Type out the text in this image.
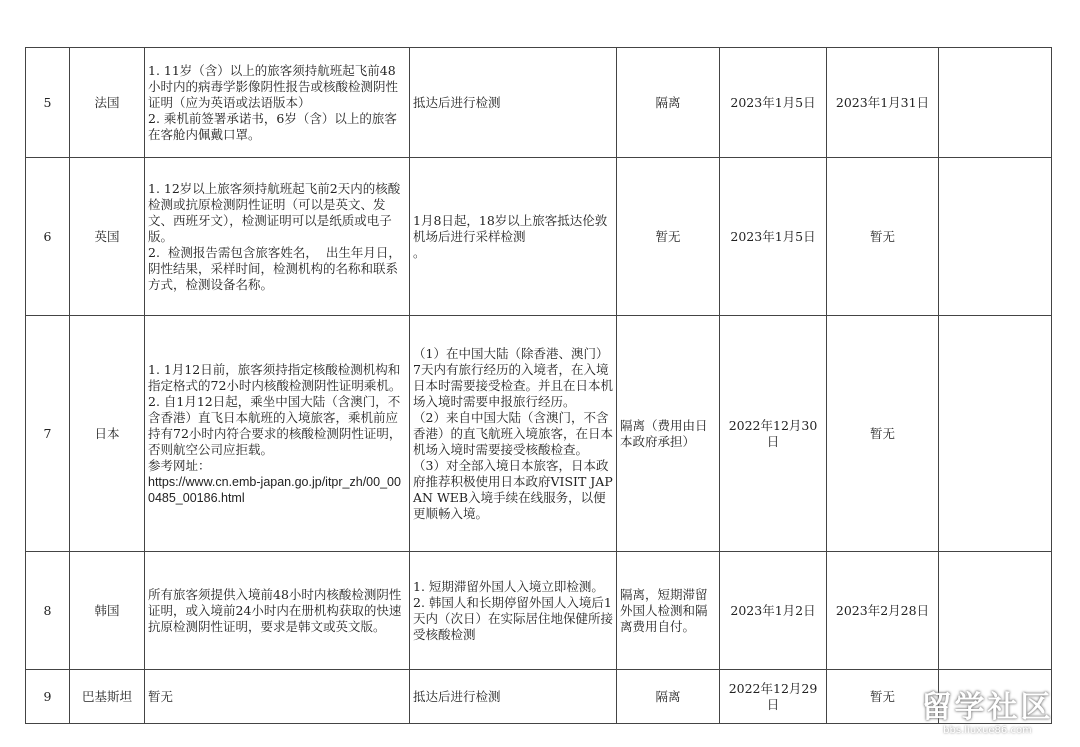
5	法国	1. 11岁（含）以上的旅客须持航班起飞前48小时内的病毒学影像阴性报告或核酸检测阴性证明（应为英语或法语版本）
2. 乘机前签署承诺书，6岁（含）以上的旅客在客舱内佩戴口罩。	抵达后进行检测	隔离	2023年1月5日	2023年1月31日	
6	英国	1. 12岁以上旅客须持航班起飞前2天内的核酸检测或抗原检测阴性证明（可以是英文、发文、西班牙文），检测证明可以是纸质或电子版。
2.  检测报告需包含旅客姓名，  出生年月日，  阴性结果，采样时间，检测机构的名称和联系方式，检测设备名称。	1月8日起，18岁以上旅客抵达伦敦机场后进行采样检测
。	暂无	2023年1月5日	暂无	
7	日本	1. 1月12日前，旅客须持指定核酸检测机构和指定格式的72小时内核酸检测阴性证明乘机。
2. 自1月12日起，乘坐中国大陆（含澳门，不含香港）直飞日本航班的入境旅客，乘机前应持有72小时内符合要求的核酸检测阴性证明，否则航空公司应拒载。
参考网址：
https://www.cn.emb-japan.go.jp/itpr_zh/00_000485_00186.html	（1）在中国大陆（除香港、澳门）7天内有旅行经历的入境者，在入境日本时需要接受检查。并且在日本机场入境时需要申报旅行经历。
（2）来自中国大陆（含澳门，不含香港）的直飞航班入境旅客，在日本机场入境时需要接受核酸检查。
（3）对全部入境日本旅客，日本政府推荐积极使用日本政府VISIT JAPAN WEB入境手续在线服务，以便更顺畅入境。	隔离（费用由日本政府承担）	2022年12月30日	暂无	
8	韩国	所有旅客须提供入境前48小时内核酸检测阴性证明，或入境前24小时内在册机构获取的快速抗原检测阴性证明，要求是韩文或英文版。	1. 短期滞留外国人入境立即检测。
2. 韩国人和长期停留外国人入境后1天内（次日）在实际居住地保健所接受核酸检测	隔离，短期滞留外国人检测和隔离费用自付。	2023年1月2日	2023年2月28日	
9	巴基斯坦	暂无	抵达后进行检测	隔离	2022年12月29日	暂无	留学社区
bbs.liuxue86.com
